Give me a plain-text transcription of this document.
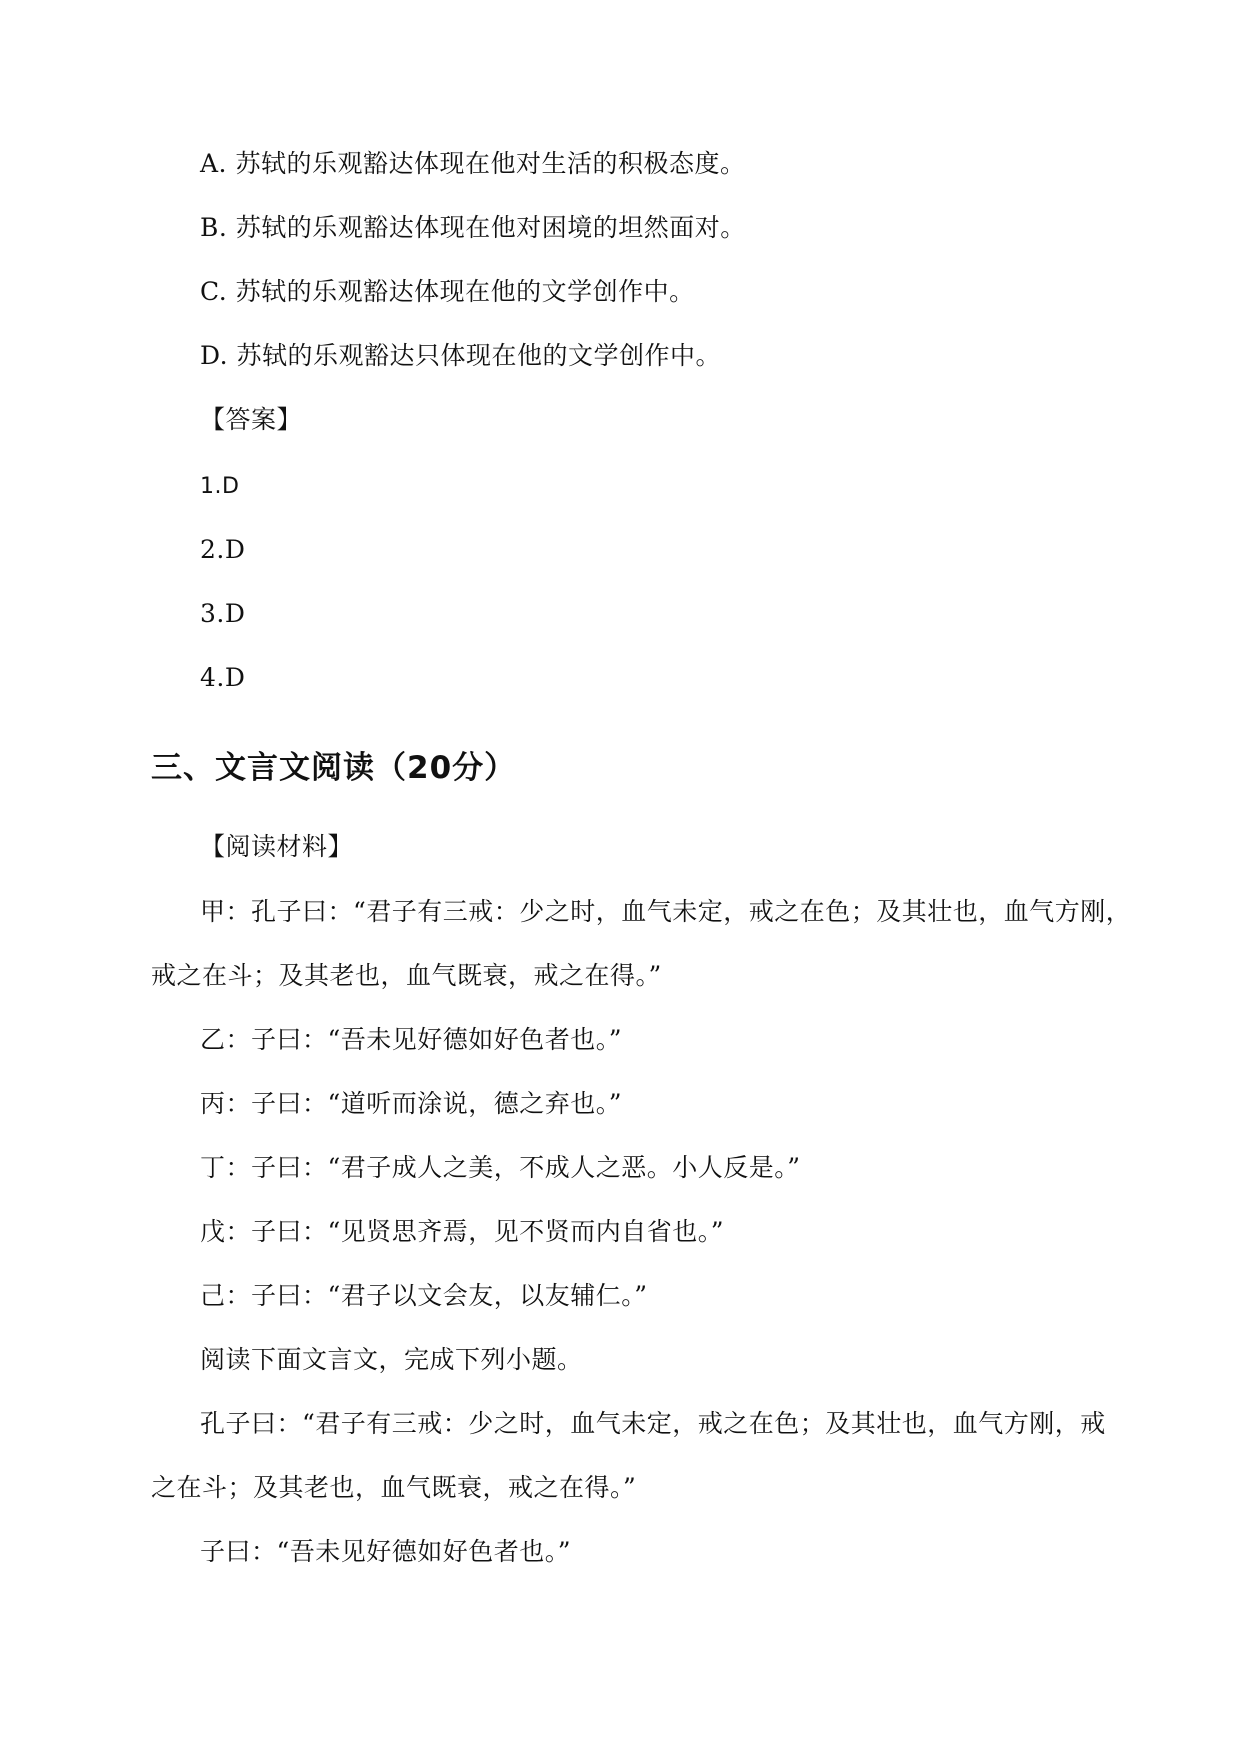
A. 苏轼的乐观豁达体现在他对生活的积极态度。
B. 苏轼的乐观豁达体现在他对困境的坦然面对。
C. 苏轼的乐观豁达体现在他的文学创作中。
D. 苏轼的乐观豁达只体现在他的文学创作中。
【答案】
1.D
2.D
3.D
4.D
三、文言文阅读（20分）
【阅读材料】
甲：孔子曰：“君子有三戒：少之时，血气未定，戒之在色；及其壮也，血气方刚，
戒之在斗；及其老也，血气既衰，戒之在得。”
乙：子曰：“吾未见好德如好色者也。”
丙：子曰：“道听而涂说，德之弃也。”
丁：子曰：“君子成人之美，不成人之恶。小人反是。”
戊：子曰：“见贤思齐焉，见不贤而内自省也。”
己：子曰：“君子以文会友，以友辅仁。”
阅读下面文言文，完成下列小题。
孔子曰：“君子有三戒：少之时，血气未定，戒之在色；及其壮也，血气方刚，戒
之在斗；及其老也，血气既衰，戒之在得。”
子曰：“吾未见好德如好色者也。”
